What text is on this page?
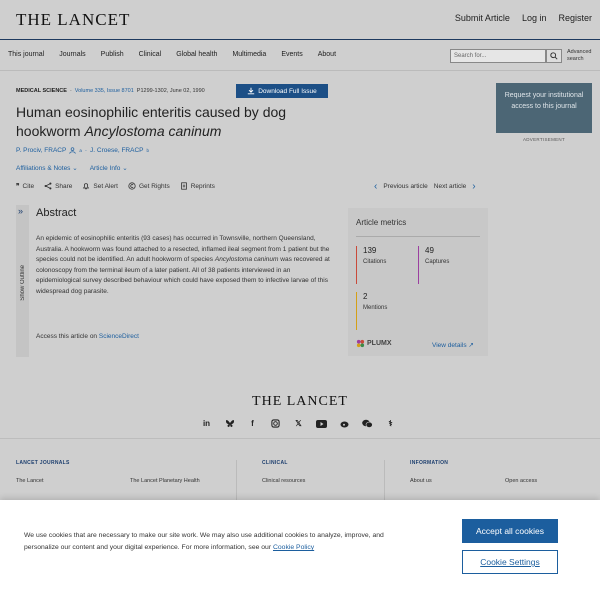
THE LANCET	Submit Article Log in Register
This journal Journals Publish Clinical Global health Multimedia Events About	Search for...
Advanced search
MEDICAL SCIENCE · Volume 335, Issue 8701 P1299-1302, June 02, 1990	Download Full Issue
Human eosinophilic enteritis caused by dog hookworm Ancylostoma caninum
P. Prociv, FRACP	a · J. Croese, FRACP b
Affiliations & Notes ⌄ Article Info ⌄
❞ Cite	Share	Set Alert	Get Rights	Reprints	‹ Previous article Next article ›
Request your institutional access to this journal
ADVERTISEMENT
»
Show Outline
Abstract
An epidemic of eosinophilic enteritis (93 cases) has occurred in Townsville, northern Queensland, Australia. A hookworm was found attached to a resected, inflamed ileal segment from 1 patient but the species could not be identified. An adult hookworm of species Ancylostoma caninum was recovered at colonoscopy from the terminal ileum of a later patient. All of 38 patients interviewed in an epidemiological survey described behaviour which could have exposed them to infective larvae of this widespread dog parasite.
Access this article on ScienceDirect
Article metrics
139
Citations
49
Captures
2
Mentions
PLUMX	View details ↗
THE LANCET
in	f	𝕏	⚕
LANCET JOURNALS
The Lancet	The Lancet Planetary Health
CLINICAL
Clinical resources
INFORMATION
About us	Open access
We use cookies that are necessary to make our site work. We may also use additional cookies to analyze, improve, and personalize our content and your digital experience. For more information, see our Cookie Policy
Accept all cookies
Cookie Settings
